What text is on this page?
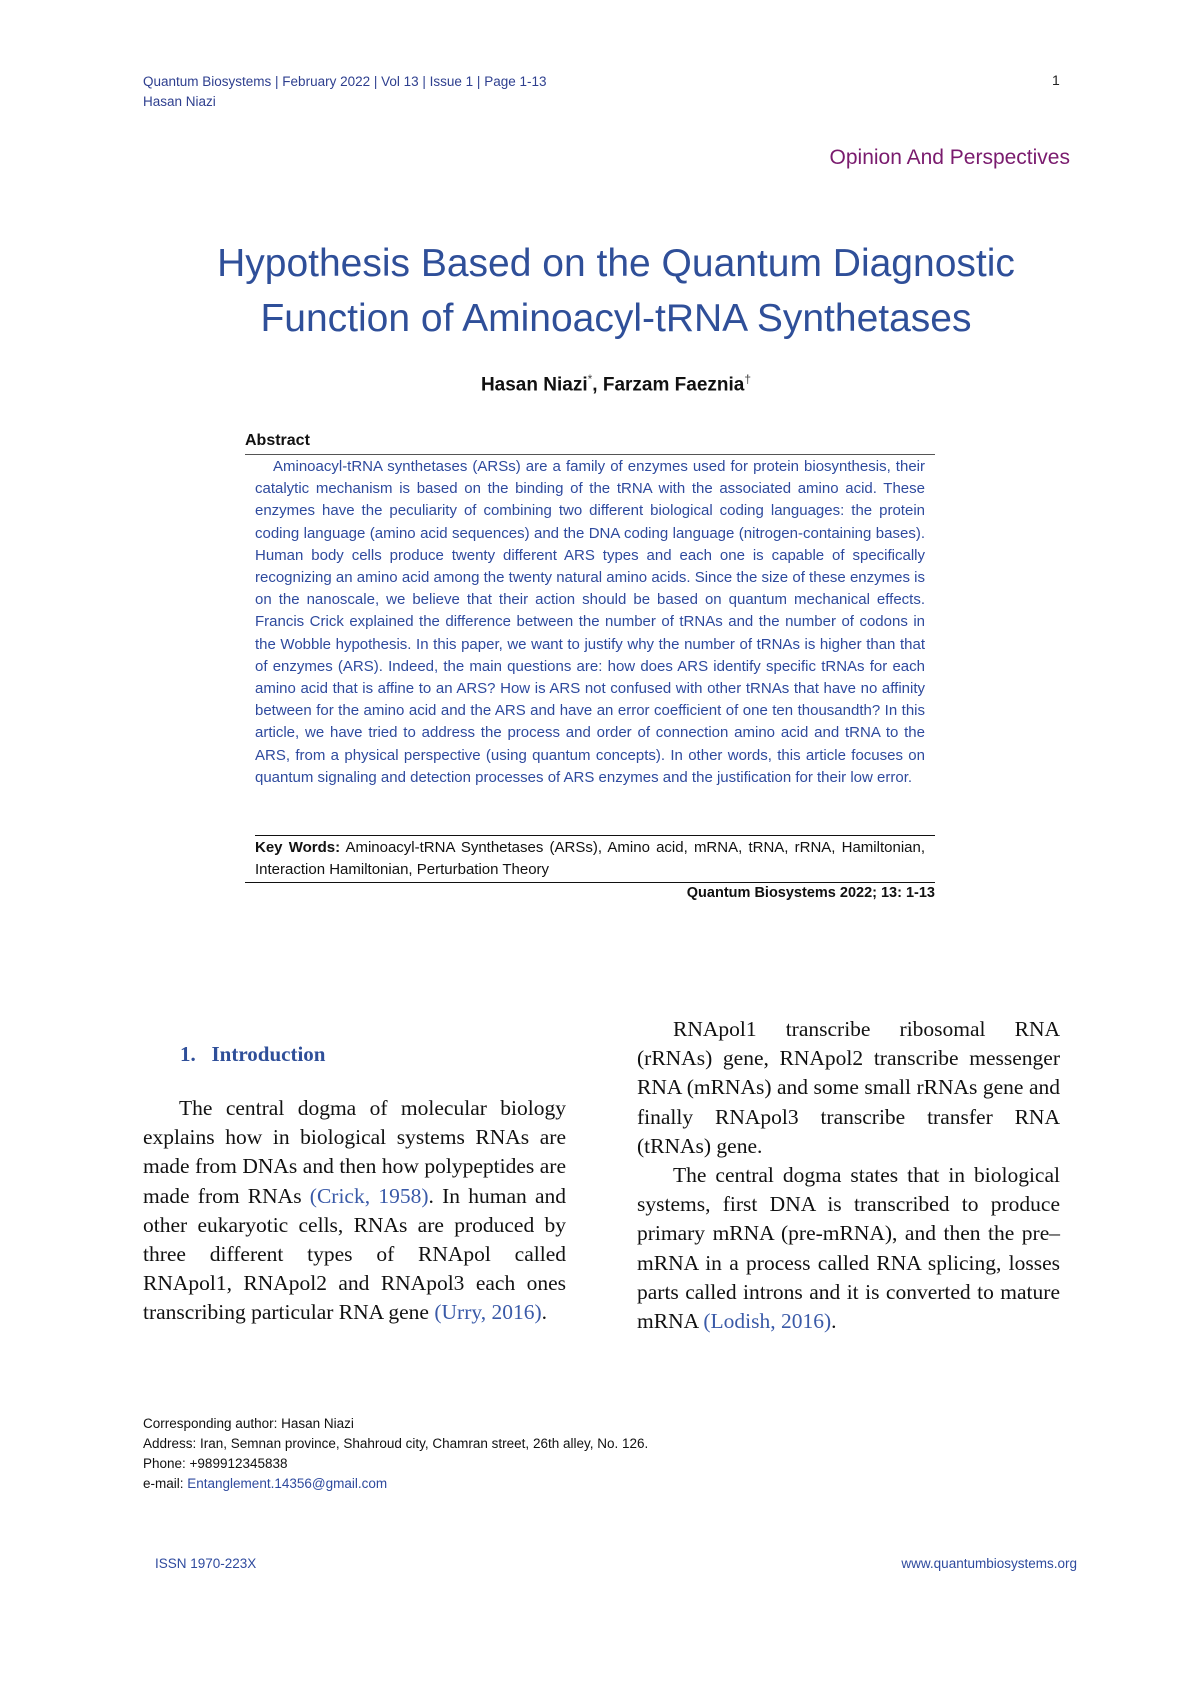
Quantum Biosystems | February 2022 | Vol 13 | Issue 1 | Page 1-13
Hasan Niazi
1
Opinion And Perspectives
Hypothesis Based on the Quantum Diagnostic
Function of Aminoacyl-tRNA Synthetases
Hasan Niazi*, Farzam Faeznia†
Abstract
Aminoacyl-tRNA synthetases (ARSs) are a family of enzymes used for protein biosynthesis, their catalytic mechanism is based on the binding of the tRNA with the associated amino acid. These enzymes have the peculiarity of combining two different biological coding languages: the protein coding language (amino acid sequences) and the DNA coding language (nitrogen-containing bases). Human body cells produce twenty different ARS types and each one is capable of specifically recognizing an amino acid among the twenty natural amino acids. Since the size of these enzymes is on the nanoscale, we believe that their action should be based on quantum mechanical effects. Francis Crick explained the difference between the number of tRNAs and the number of codons in the Wobble hypothesis. In this paper, we want to justify why the number of tRNAs is higher than that of enzymes (ARS). Indeed, the main questions are: how does ARS identify specific tRNAs for each amino acid that is affine to an ARS? How is ARS not confused with other tRNAs that have no affinity between for the amino acid and the ARS and have an error coefficient of one ten thousandth? In this article, we have tried to address the process and order of connection amino acid and tRNA to the ARS, from a physical perspective (using quantum concepts). In other words, this article focuses on quantum signaling and detection processes of ARS enzymes and the justification for their low error.
Key Words: Aminoacyl-tRNA Synthetases (ARSs), Amino acid, mRNA, tRNA, rRNA, Hamiltonian, Interaction Hamiltonian, Perturbation Theory
Quantum Biosystems 2022; 13: 1-13
1.   Introduction

The central dogma of molecular biology explains how in biological systems RNAs are made from DNAs and then how polypeptides are made from RNAs (Crick, 1958). In human and other eukaryotic cells, RNAs are produced by three different types of RNApol called RNApol1, RNApol2 and RNApol3 each ones transcribing particular RNA gene (Urry, 2016).

RNApol1 transcribe ribosomal RNA (rRNAs) gene, RNApol2 transcribe messenger RNA (mRNAs) and some small rRNAs gene and finally RNApol3 transcribe transfer RNA (tRNAs) gene.

The central dogma states that in biological systems, first DNA is transcribed to produce primary mRNA (pre-mRNA), and then the pre–mRNA in a process called RNA splicing, losses parts called introns and it is converted to mature mRNA (Lodish, 2016).

Corresponding author: Hasan Niazi
Address: Iran, Semnan province, Shahroud city, Chamran street, 26th alley, No. 126.
Phone: +989912345838
e-mail: Entanglement.14356@gmail.com
ISSN 1970-223X	www.quantumbiosystems.org
